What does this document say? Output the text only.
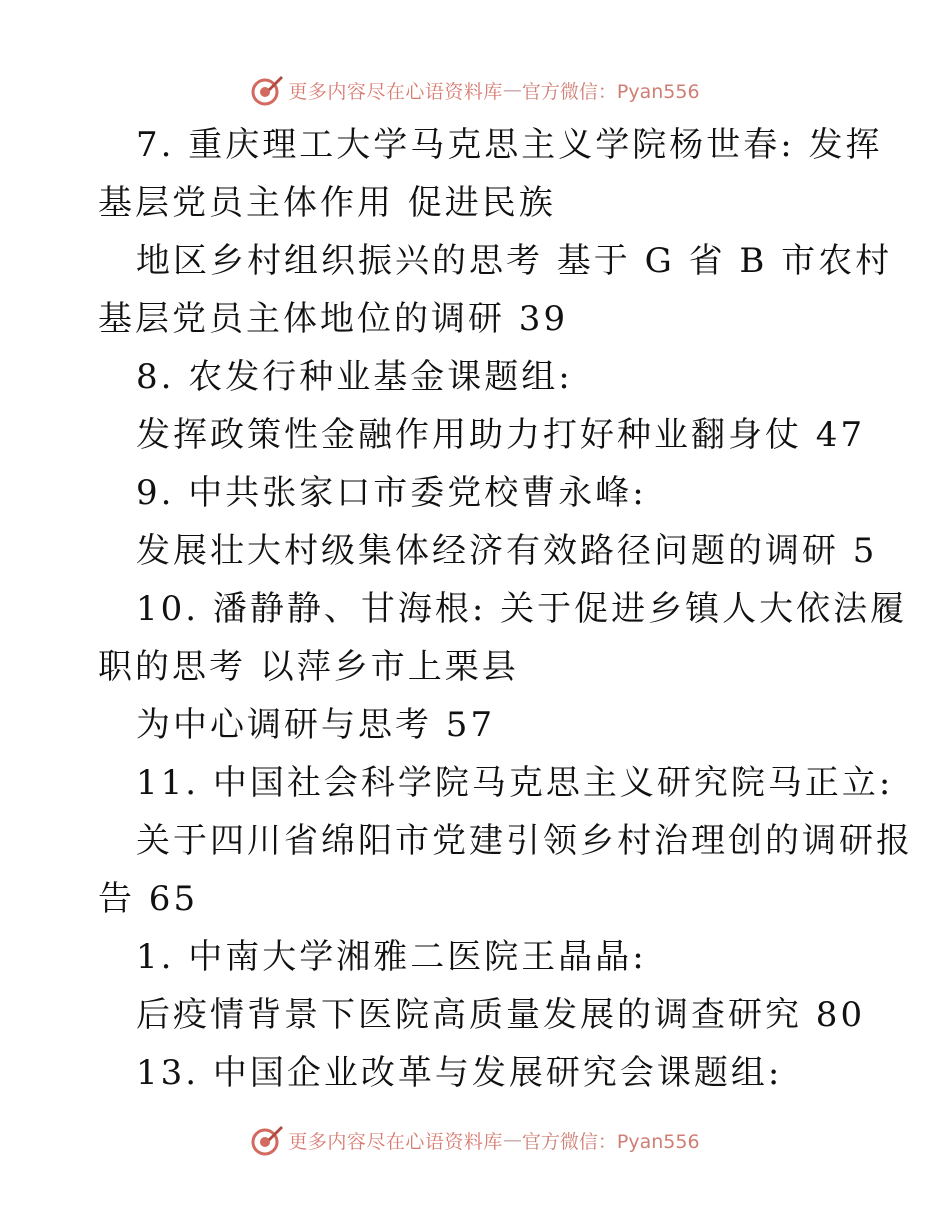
更多内容尽在心语资料库 — 官方微信：Pyan556
7. 重庆理工大学马克思主义学院杨世春: 发挥
基层党员主体作用 促进民族
地区乡村组织振兴的思考 基于 G 省 B 市农村
基层党员主体地位的调研 39
8. 农发行种业基金课题组:
发挥政策性金融作用助力打好种业翻身仗 47
9. 中共张家口市委党校曹永峰:
发展壮大村级集体经济有效路径问题的调研 5
10. 潘静静、甘海根: 关于促进乡镇人大依法履
职的思考 以萍乡市上栗县
为中心调研与思考 57
11. 中国社会科学院马克思主义研究院马正立:
关于四川省绵阳市党建引领乡村治理创的调研报
告 65
1. 中南大学湘雅二医院王晶晶:
后疫情背景下医院高质量发展的调查研究 80
13. 中国企业改革与发展研究会课题组:
更多内容尽在心语资料库 — 官方微信：Pyan556
